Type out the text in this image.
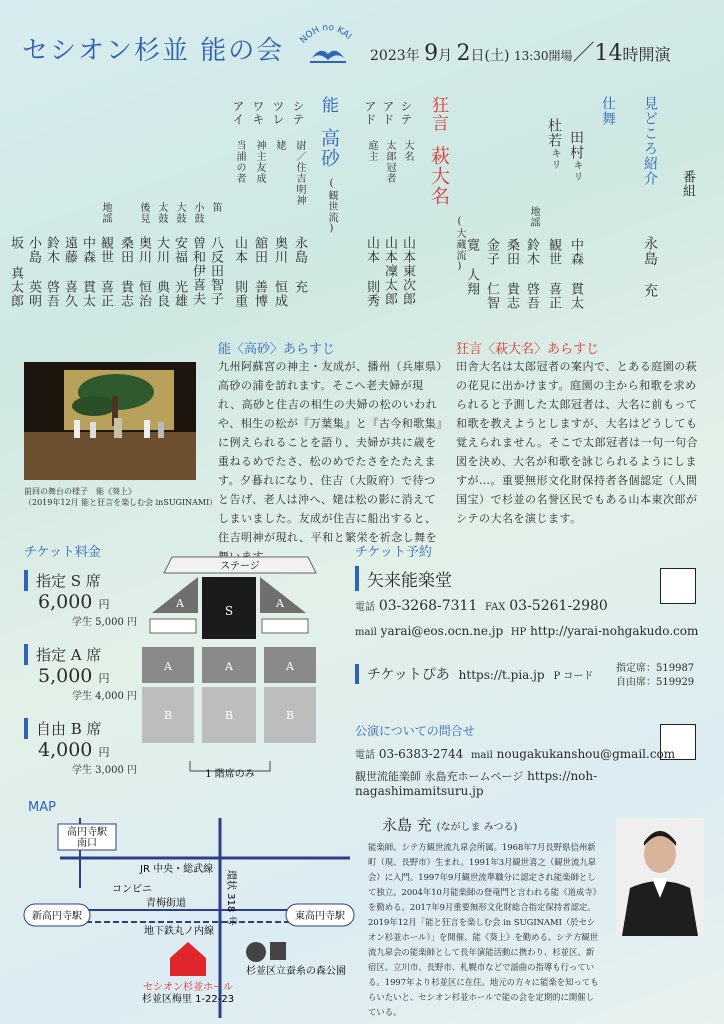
セシオン杉並 能の会 NOH no KAI
2023年 9月 2日(土) 13:30開場／14時開演
番組
見どころ紹介
永島 充
仕舞
田村キリ
杜若キリ
中森 貫太
観世 喜正
地謡
鈴木 啓吾
桑田 貴志
金子 仁智
寛 人翔
狂言
萩大名
(大蔵流)
シテ
大名
山本東次郎
アド
太郎冠者
山本凜太郎
アド
庭主
山本 則秀
能
高砂
(観世流)
シテ
尉／住吉明神
永島 充
ツレ
姥
奥川 恒成
ワキ
神主友成
舘田 善博
アイ
当浦の者
山本 則重
笛
八反田智子
小鼓
曽和伊喜夫
大鼓
安福 光雄
太鼓
大川 典良
後見
奥川 恒治
桑田 貴志
地謡
観世 喜正
中森 貫太
遠藤 喜久
鈴木 啓吾
小島 英明
坂 真太郎
前回の舞台の様子　能《葵上》
（2019年12月 能と狂言を楽しむ会 inSUGINAMI）
能〈高砂〉あらすじ
九州阿蘇宮の神主・友成が、播州（兵庫県）高砂の浦を訪れます。そこへ老夫婦が現れ、高砂と住吉の相生の夫婦の松のいわれや、相生の松が『万葉集』と『古今和歌集』に例えられることを語り、夫婦が共に歳を重ねるめでたさ、松のめでたさをたたえます。夕暮れになり、住吉（大阪府）で待つと告げ、老人は沖へ、姥は松の影に消えてしまいました。友成が住吉に船出すると、住吉明神が現れ、平和と繁栄を祈念し舞を
狂言〈萩大名〉あらすじ
田舎大名は太郎冠者の案内で、とある庭園の萩の花見に出かけます。庭園の主から和歌を求められると予測した太郎冠者は、大名に前もって和歌を教えようとしますが、大名はどうしても覚えられません。そこで太郎冠者は一句一句合図を決め、大名が和歌を詠じられるようにしますが…。重要無形文化財保持者各個認定（人間国宝）で杉並の名誉区民でもある山本東次郎がシテの大名を演じます。
チケット料金
指定 S 席
6,000 円
学生 5,000 円
指定 A 席
5,000 円
学生 4,000 円
自由 B 席
4,000 円
学生 3,000 円
ステージ
S
A	A
A	A	A
B	B	B
1 階席のみ
チケット予約
矢来能楽堂
電話 03-3268-7311 FAX 03-5261-2980
mail yarai@eos.ocn.ne.jp HP http://yarai-nohgakudo.com
チケットぴあ https://t.pia.jp P コード
指定席：519987
自由席：519929
公演についての問合せ
電話 03-6383-2744 mail nougakukanshou@gmail.com
観世流能楽師 永島充ホームページ https://noh-nagashimamitsuru.jp
MAP
高円寺駅南口
JR 中央・総武線
環状 318 号
コンビニ
青梅街道
新高円寺駅	東高円寺駅
地下鉄丸ノ内線
セシオン杉並ホール
杉並区梅里 1-22-23
杉並区立蚕糸の森公園
永島 充 (ながしま みつる)
能楽師。シテ方観世流九皐会所属。1968年7月長野県信州新町（現、長野市）生まれ。1991年3月観世喜之（観世流九皐会）に入門。1997年9月観世流準職分に認定され能楽師として独立。2004年10月能楽師の登竜門と言われる能《道成寺》を勤める。2017年9月重要無形文化財総合指定保持者認定。2019年12月「能と狂言を楽しむ会 in SUGINAMI（於セシオン杉並ホール）」を開催、能《葵上》を勤める。シテ方観世流九皐会の能楽師として長年演能活動に携わり、杉並区、新宿区、立川市、長野市、札幌市などで謡曲の指導も行っている。1997年より杉並区に在住。地元の方々に能楽を知ってもらいたいと、セシオン杉並ホールで能の会を定期的に開催している。
